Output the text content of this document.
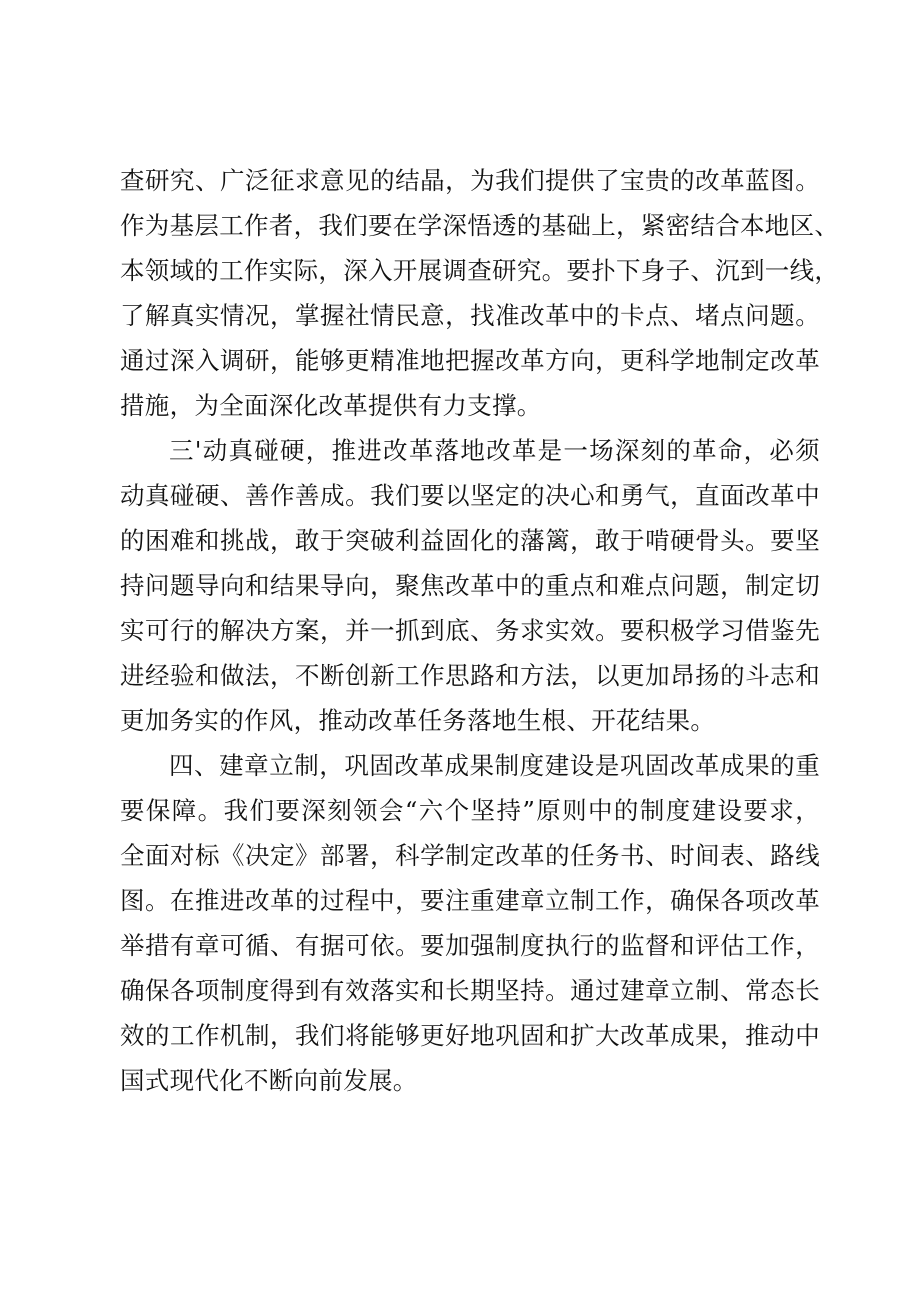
查研究、广泛征求意见的结晶，为我们提供了宝贵的改革蓝图。
作为基层工作者，我们要在学深悟透的基础上，紧密结合本地区、
本领域的工作实际，深入开展调查研究。要扑下身子、沉到一线，
了解真实情况，掌握社情民意，找准改革中的卡点、堵点问题。
通过深入调研，能够更精准地把握改革方向，更科学地制定改革
措施，为全面深化改革提供有力支撑。
三'动真碰硬，推进改革落地改革是一场深刻的革命，必须
动真碰硬、善作善成。我们要以坚定的决心和勇气，直面改革中
的困难和挑战，敢于突破利益固化的藩篱，敢于啃硬骨头。要坚
持问题导向和结果导向，聚焦改革中的重点和难点问题，制定切
实可行的解决方案，并一抓到底、务求实效。要积极学习借鉴先
进经验和做法，不断创新工作思路和方法，以更加昂扬的斗志和
更加务实的作风，推动改革任务落地生根、开花结果。
四、建章立制，巩固改革成果制度建设是巩固改革成果的重
要保障。我们要深刻领会“六个坚持”原则中的制度建设要求，
全面对标《决定》部署，科学制定改革的任务书、时间表、路线
图。在推进改革的过程中，要注重建章立制工作，确保各项改革
举措有章可循、有据可依。要加强制度执行的监督和评估工作，
确保各项制度得到有效落实和长期坚持。通过建章立制、常态长
效的工作机制，我们将能够更好地巩固和扩大改革成果，推动中
国式现代化不断向前发展。
